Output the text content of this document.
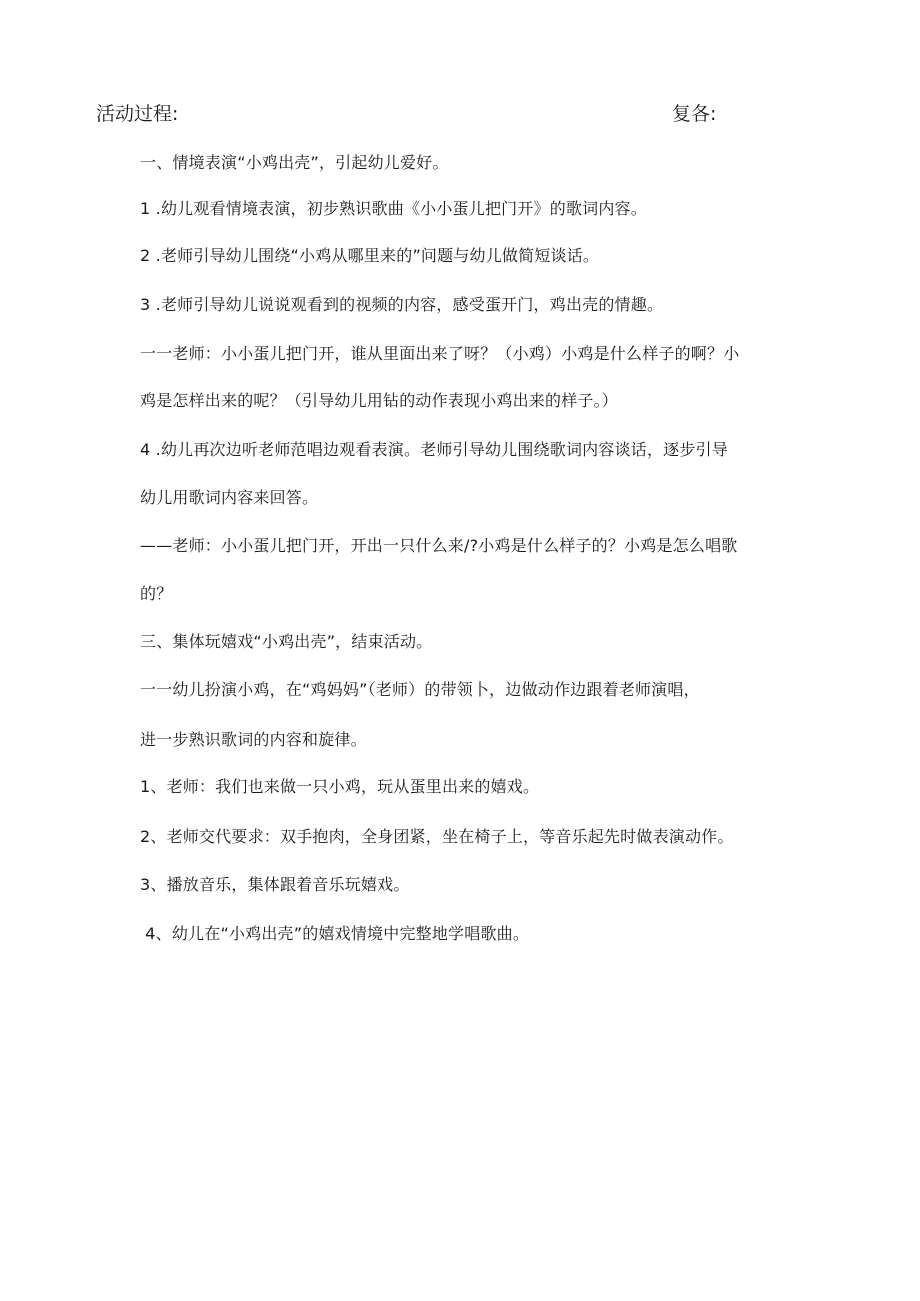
活动过程:	复各:
一、情境表演“小鸡出壳”，引起幼儿爱好。
1 .幼儿观看情境表演，初步熟识歌曲《小小蛋儿把门开》的歌词内容。
2 .老师引导幼儿围绕“小鸡从哪里来的”问题与幼儿做简短谈话。
3 .老师引导幼儿说说观看到的视频的内容，感受蛋开门，鸡出壳的情趣。
一一老师：小小蛋儿把门开，谁从里面出来了呀？（小鸡）小鸡是什么样子的啊？小
鸡是怎样出来的呢？（引导幼儿用钻的动作表现小鸡出来的样子。）
4 .幼儿再次边听老师范唱边观看表演。老师引导幼儿围绕歌词内容谈话，逐步引导
幼儿用歌词内容来回答。
——老师：小小蛋儿把门开，开出一只什么来/?小鸡是什么样子的？小鸡是怎么唱歌
的？
三、集体玩嬉戏“小鸡出壳”，结束活动。
一一幼儿扮演小鸡，在“鸡妈妈”（老师）的带领卜，边做动作边跟着老师演唱，
进一步熟识歌词的内容和旋律。
1、老师：我们也来做一只小鸡，玩从蛋里出来的嬉戏。
2、老师交代要求：双手抱肉，全身团紧，坐在椅子上，等音乐起先时做表演动作。
3、播放音乐，集体跟着音乐玩嬉戏。
4、幼儿在“小鸡出壳”的嬉戏情境中完整地学唱歌曲。
